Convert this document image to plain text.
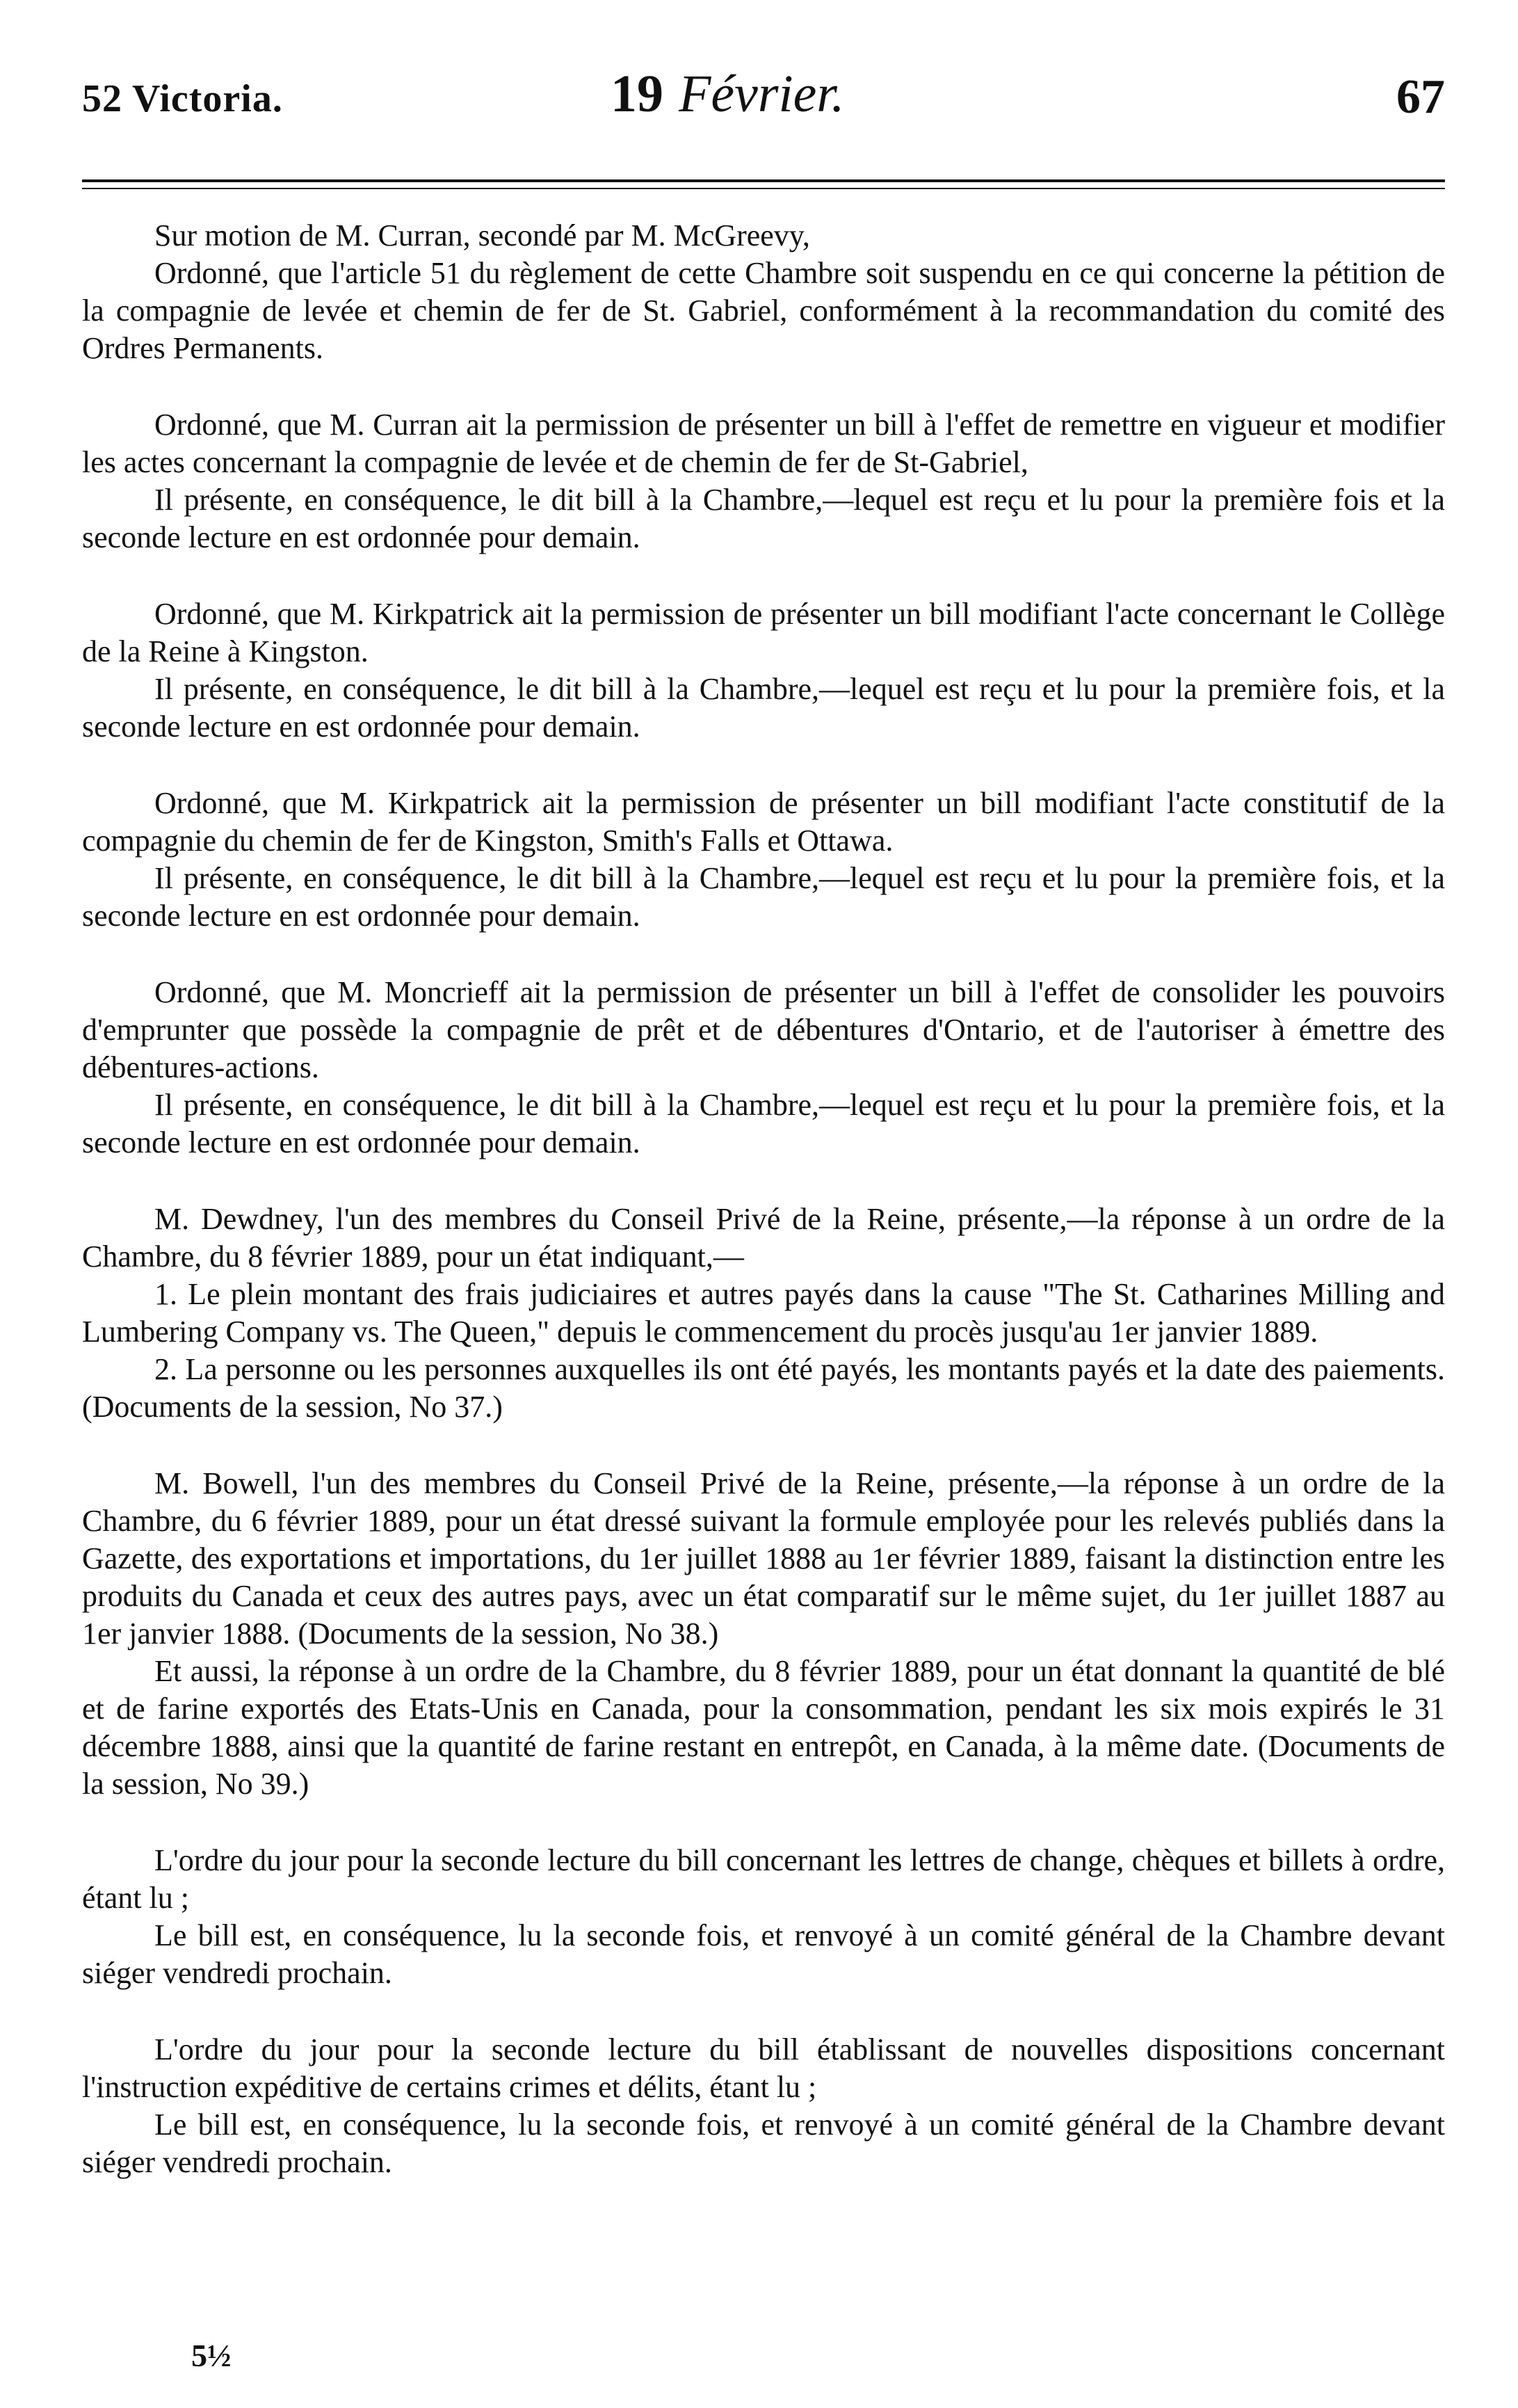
52 Victoria.	19 Février.	67

Sur motion de M. Curran, secondé par M. McGreevy,

Ordonné, que l'article 51 du règlement de cette Chambre soit suspendu en ce qui concerne la pétition de la compagnie de levée et chemin de fer de St. Gabriel, conformément à la recommandation du comité des Ordres Permanents.

Ordonné, que M. Curran ait la permission de présenter un bill à l'effet de remettre en vigueur et modifier les actes concernant la compagnie de levée et de chemin de fer de St-Gabriel,

Il présente, en conséquence, le dit bill à la Chambre,—lequel est reçu et lu pour la première fois et la seconde lecture en est ordonnée pour demain.

Ordonné, que M. Kirkpatrick ait la permission de présenter un bill modifiant l'acte concernant le Collège de la Reine à Kingston.

Il présente, en conséquence, le dit bill à la Chambre,—lequel est reçu et lu pour la première fois, et la seconde lecture en est ordonnée pour demain.

Ordonné, que M. Kirkpatrick ait la permission de présenter un bill modifiant l'acte constitutif de la compagnie du chemin de fer de Kingston, Smith's Falls et Ottawa.

Il présente, en conséquence, le dit bill à la Chambre,—lequel est reçu et lu pour la première fois, et la seconde lecture en est ordonnée pour demain.

Ordonné, que M. Moncrieff ait la permission de présenter un bill à l'effet de consolider les pouvoirs d'emprunter que possède la compagnie de prêt et de débentures d'Ontario, et de l'autoriser à émettre des débentures-actions.

Il présente, en conséquence, le dit bill à la Chambre,—lequel est reçu et lu pour la première fois, et la seconde lecture en est ordonnée pour demain.

M. Dewdney, l'un des membres du Conseil Privé de la Reine, présente,—la réponse à un ordre de la Chambre, du 8 février 1889, pour un état indiquant,—

1. Le plein montant des frais judiciaires et autres payés dans la cause "The St. Catharines Milling and Lumbering Company vs. The Queen," depuis le commencement du procès jusqu'au 1er janvier 1889.

2. La personne ou les personnes auxquelles ils ont été payés, les montants payés et la date des paiements. (Documents de la session, No 37.)

M. Bowell, l'un des membres du Conseil Privé de la Reine, présente,—la réponse à un ordre de la Chambre, du 6 février 1889, pour un état dressé suivant la formule employée pour les relevés publiés dans la Gazette, des exportations et importations, du 1er juillet 1888 au 1er février 1889, faisant la distinction entre les produits du Canada et ceux des autres pays, avec un état comparatif sur le même sujet, du 1er juillet 1887 au 1er janvier 1888. (Documents de la session, No 38.)

Et aussi, la réponse à un ordre de la Chambre, du 8 février 1889, pour un état donnant la quantité de blé et de farine exportés des Etats-Unis en Canada, pour la consommation, pendant les six mois expirés le 31 décembre 1888, ainsi que la quantité de farine restant en entrepôt, en Canada, à la même date. (Documents de la session, No 39.)

L'ordre du jour pour la seconde lecture du bill concernant les lettres de change, chèques et billets à ordre, étant lu ;

Le bill est, en conséquence, lu la seconde fois, et renvoyé à un comité général de la Chambre devant siéger vendredi prochain.

L'ordre du jour pour la seconde lecture du bill établissant de nouvelles dispositions concernant l'instruction expéditive de certains crimes et délits, étant lu ;

Le bill est, en conséquence, lu la seconde fois, et renvoyé à un comité général de la Chambre devant siéger vendredi prochain.

5½
